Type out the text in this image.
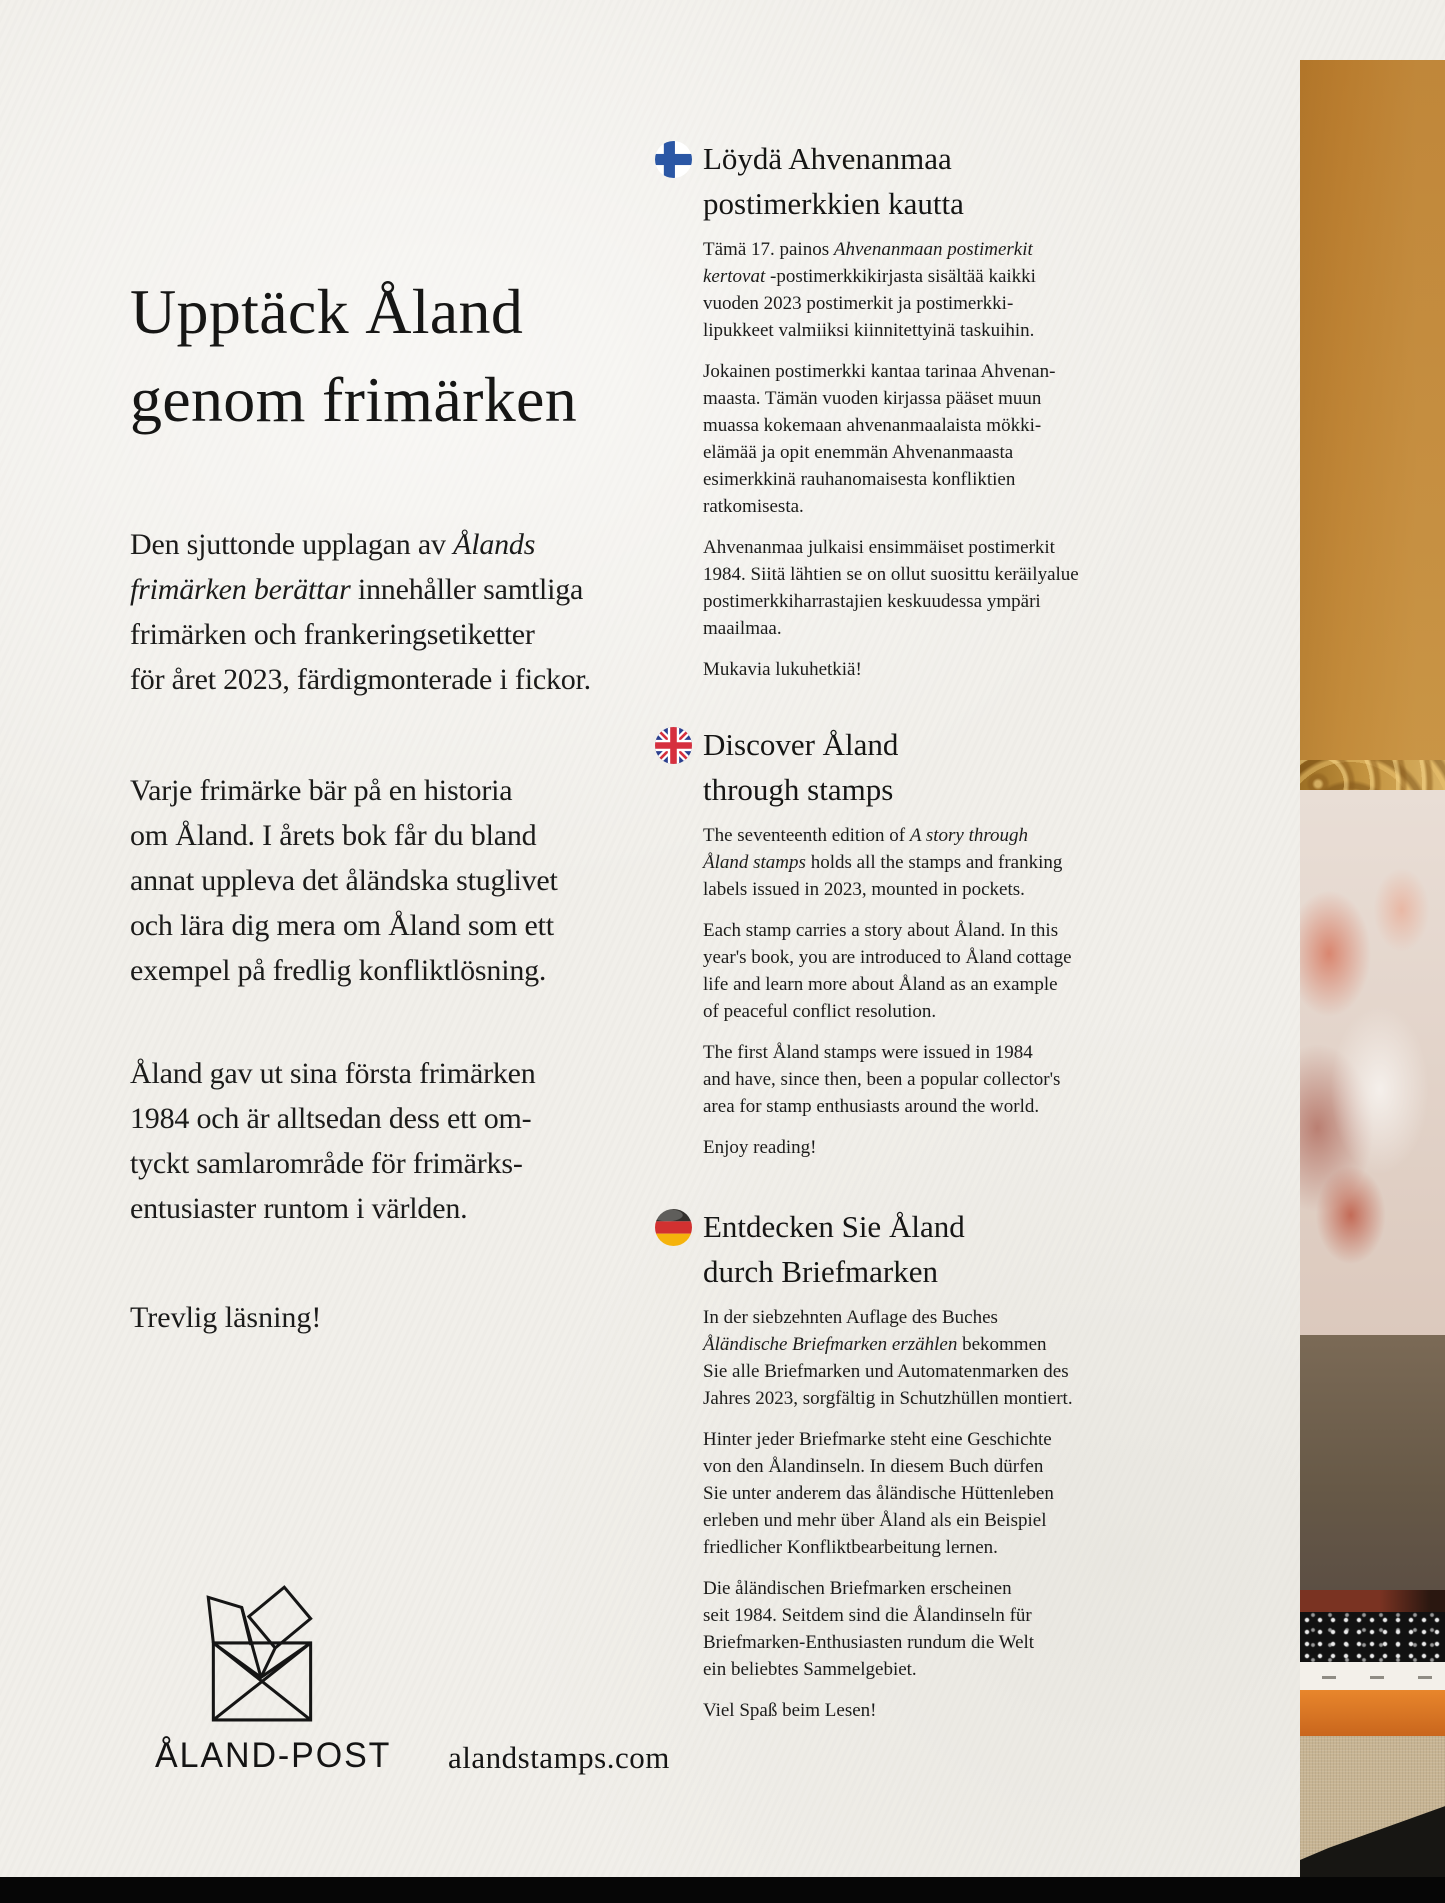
Upptäck Åland
genom frimärken
Den sjuttonde upplagan av Ålands
frimärken berättar innehåller samtliga
frimärken och frankeringsetiketter
för året 2023, färdigmonterade i fickor.
Varje frimärke bär på en historia
om Åland. I årets bok får du bland
annat uppleva det åländska stuglivet
och lära dig mera om Åland som ett
exempel på fredlig konfliktlösning.
Åland gav ut sina första frimärken
1984 och är alltsedan dess ett om-
tyckt samlarområde för frimärks-
entusiaster runtom i världen.
Trevlig läsning!
Löydä Ahvenanmaa
postimerkkien kautta
Tämä 17. painos Ahvenanmaan postimerkit
kertovat -postimerkkikirjasta sisältää kaikki
vuoden 2023 postimerkit ja postimerkki-
lipukkeet valmiiksi kiinnitettyinä taskuihin.
Jokainen postimerkki kantaa tarinaa Ahvenan-
maasta. Tämän vuoden kirjassa pääset muun
muassa kokemaan ahvenanmaalaista mökki-
elämää ja opit enemmän Ahvenanmaasta
esimerkkinä rauhanomaisesta konfliktien
ratkomisesta.
Ahvenanmaa julkaisi ensimmäiset postimerkit
1984. Siitä lähtien se on ollut suosittu keräilyalue
postimerkkiharrastajien keskuudessa ympäri
maailmaa.
Mukavia lukuhetkiä!
Discover Åland
through stamps
The seventeenth edition of A story through
Åland stamps holds all the stamps and franking
labels issued in 2023, mounted in pockets.
Each stamp carries a story about Åland. In this
year's book, you are introduced to Åland cottage
life and learn more about Åland as an example
of peaceful conflict resolution.
The first Åland stamps were issued in 1984
and have, since then, been a popular collector's
area for stamp enthusiasts around the world.
Enjoy reading!
Entdecken Sie Åland
durch Briefmarken
In der siebzehnten Auflage des Buches
Åländische Briefmarken erzählen bekommen
Sie alle Briefmarken und Automatenmarken des
Jahres 2023, sorgfältig in Schutzhüllen montiert.
Hinter jeder Briefmarke steht eine Geschichte
von den Ålandinseln. In diesem Buch dürfen
Sie unter anderem das åländische Hüttenleben
erleben und mehr über Åland als ein Beispiel
friedlicher Konfliktbearbeitung lernen.
Die åländischen Briefmarken erscheinen
seit 1984. Seitdem sind die Ålandinseln für
Briefmarken-Enthusiasten rundum die Welt
ein beliebtes Sammelgebiet.
Viel Spaß beim Lesen!
ÅLAND-POST alandstamps.com
